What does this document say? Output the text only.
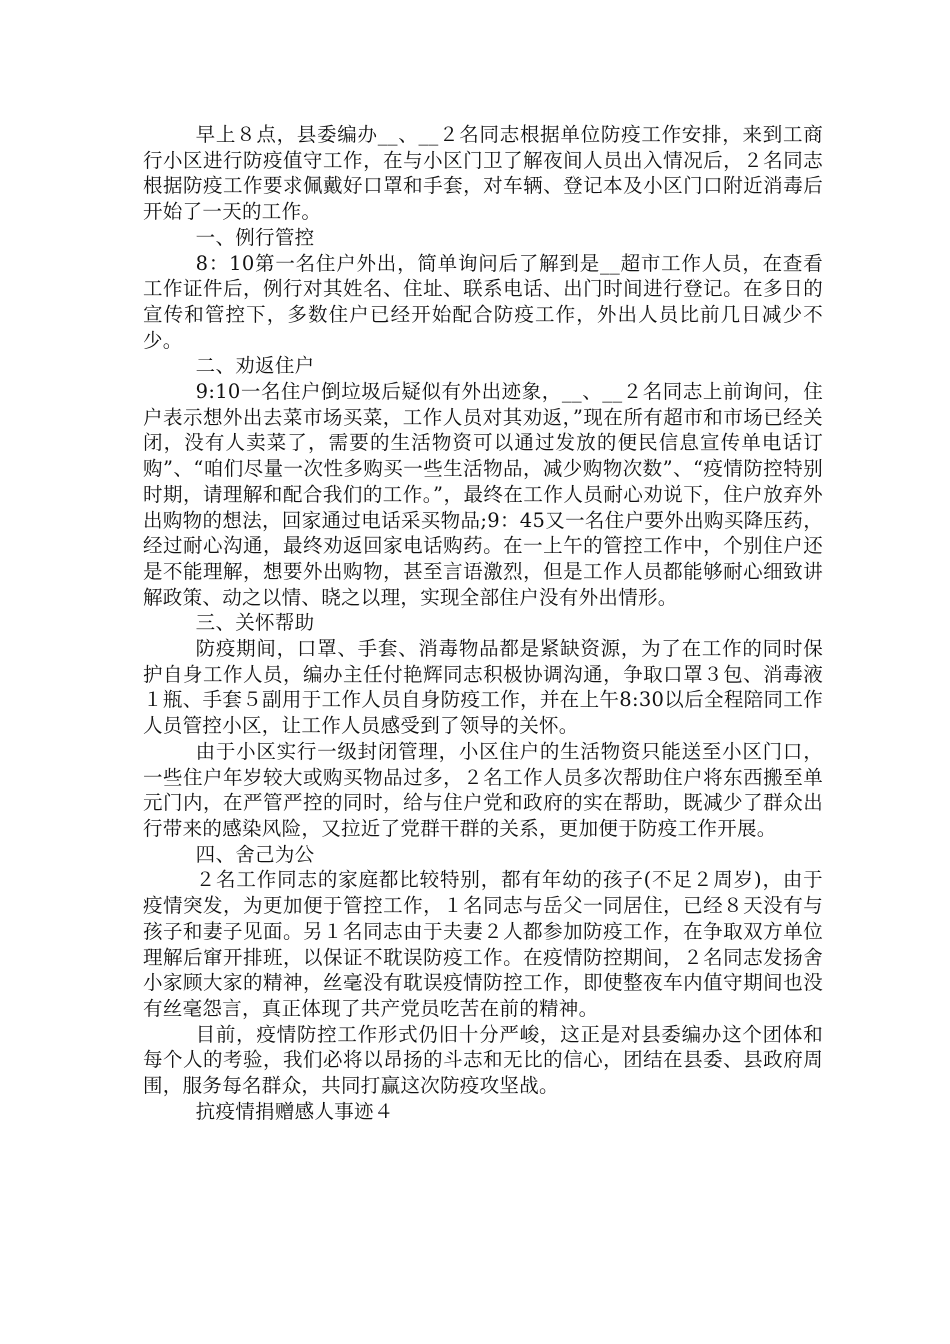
早上８点，县委编办__、__２名同志根据单位防疫工作安排，来到工商行小区进行防疫值守工作，在与小区门卫了解夜间人员出入情况后，２名同志根据防疫工作要求佩戴好口罩和手套，对车辆、登记本及小区门口附近消毒后开始了一天的工作。

一、例行管控

8：10第一名住户外出，简单询问后了解到是__超市工作人员，在查看工作证件后，例行对其姓名、住址、联系电话、出门时间进行登记。在多日的宣传和管控下，多数住户已经开始配合防疫工作，外出人员比前几日减少不少。

二、劝返住户

9:10一名住户倒垃圾后疑似有外出迹象，__、__２名同志上前询问，住户表示想外出去菜市场买菜，工作人员对其劝返，”现在所有超市和市场已经关闭，没有人卖菜了，需要的生活物资可以通过发放的便民信息宣传单电话订购”、“咱们尽量一次性多购买一些生活物品，减少购物次数”、“疫情防控特别时期，请理解和配合我们的工作。”，最终在工作人员耐心劝说下，住户放弃外出购物的想法，回家通过电话采买物品;9：45又一名住户要外出购买降压药，经过耐心沟通，最终劝返回家电话购药。在一上午的管控工作中，个别住户还是不能理解，想要外出购物，甚至言语激烈，但是工作人员都能够耐心细致讲解政策、动之以情、晓之以理，实现全部住户没有外出情形。

三、关怀帮助

防疫期间，口罩、手套、消毒物品都是紧缺资源，为了在工作的同时保护自身工作人员，编办主任付艳辉同志积极协调沟通，争取口罩３包、消毒液１瓶、手套５副用于工作人员自身防疫工作，并在上午8:30以后全程陪同工作人员管控小区，让工作人员感受到了领导的关怀。

由于小区实行一级封闭管理，小区住户的生活物资只能送至小区门口，一些住户年岁较大或购买物品过多，２名工作人员多次帮助住户将东西搬至单元门内，在严管严控的同时，给与住户党和政府的实在帮助，既减少了群众出行带来的感染风险，又拉近了党群干群的关系，更加便于防疫工作开展。

四、舍己为公

２名工作同志的家庭都比较特别，都有年幼的孩子(不足２周岁)，由于疫情突发，为更加便于管控工作，１名同志与岳父一同居住，已经８天没有与孩子和妻子见面。另１名同志由于夫妻２人都参加防疫工作，在争取双方单位理解后窜开排班，以保证不耽误防疫工作。在疫情防控期间，２名同志发扬舍小家顾大家的精神，丝毫没有耽误疫情防控工作，即使整夜车内值守期间也没有丝毫怨言，真正体现了共产党员吃苦在前的精神。

目前，疫情防控工作形式仍旧十分严峻，这正是对县委编办这个团体和每个人的考验，我们必将以昂扬的斗志和无比的信心，团结在县委、县政府周围，服务每名群众，共同打赢这次防疫攻坚战。

抗疫情捐赠感人事迹４
